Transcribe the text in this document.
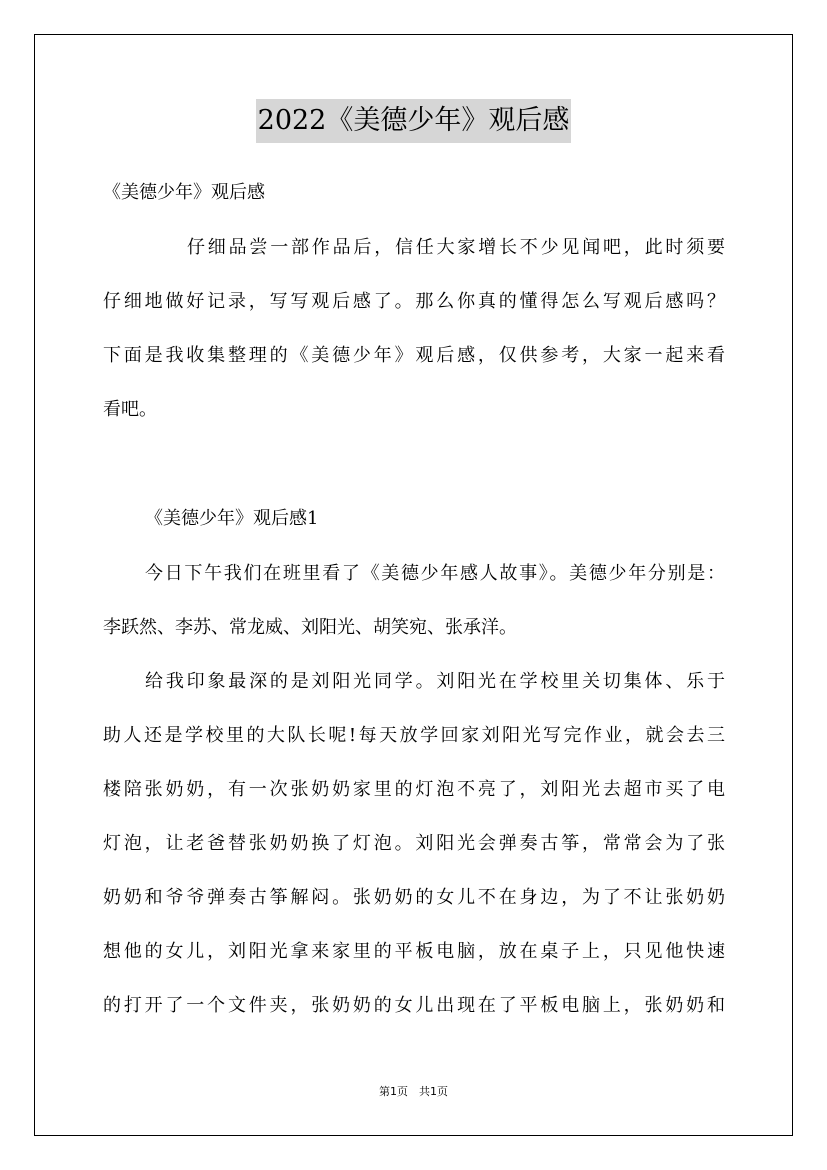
2022《美德少年》观后感
《美德少年》观后感
仔细品尝一部作品后，信任大家增长不少见闻吧，此时须要
仔细地做好记录，写写观后感了。那么你真的懂得怎么写观后感吗？
下面是我收集整理的《美德少年》观后感，仅供参考，大家一起来看
看吧。
《美德少年》观后感1
今日下午我们在班里看了《美德少年感人故事》。美德少年分别是：
李跃然、李苏、常龙威、刘阳光、胡笑宛、张承洋。
给我印象最深的是刘阳光同学。刘阳光在学校里关切集体、乐于
助人还是学校里的大队长呢!每天放学回家刘阳光写完作业，就会去三
楼陪张奶奶，有一次张奶奶家里的灯泡不亮了，刘阳光去超市买了电
灯泡，让老爸替张奶奶换了灯泡。刘阳光会弹奏古筝，常常会为了张
奶奶和爷爷弹奏古筝解闷。张奶奶的女儿不在身边，为了不让张奶奶
想他的女儿，刘阳光拿来家里的平板电脑，放在桌子上，只见他快速
的打开了一个文件夹，张奶奶的女儿出现在了平板电脑上，张奶奶和
第1页　共1页
